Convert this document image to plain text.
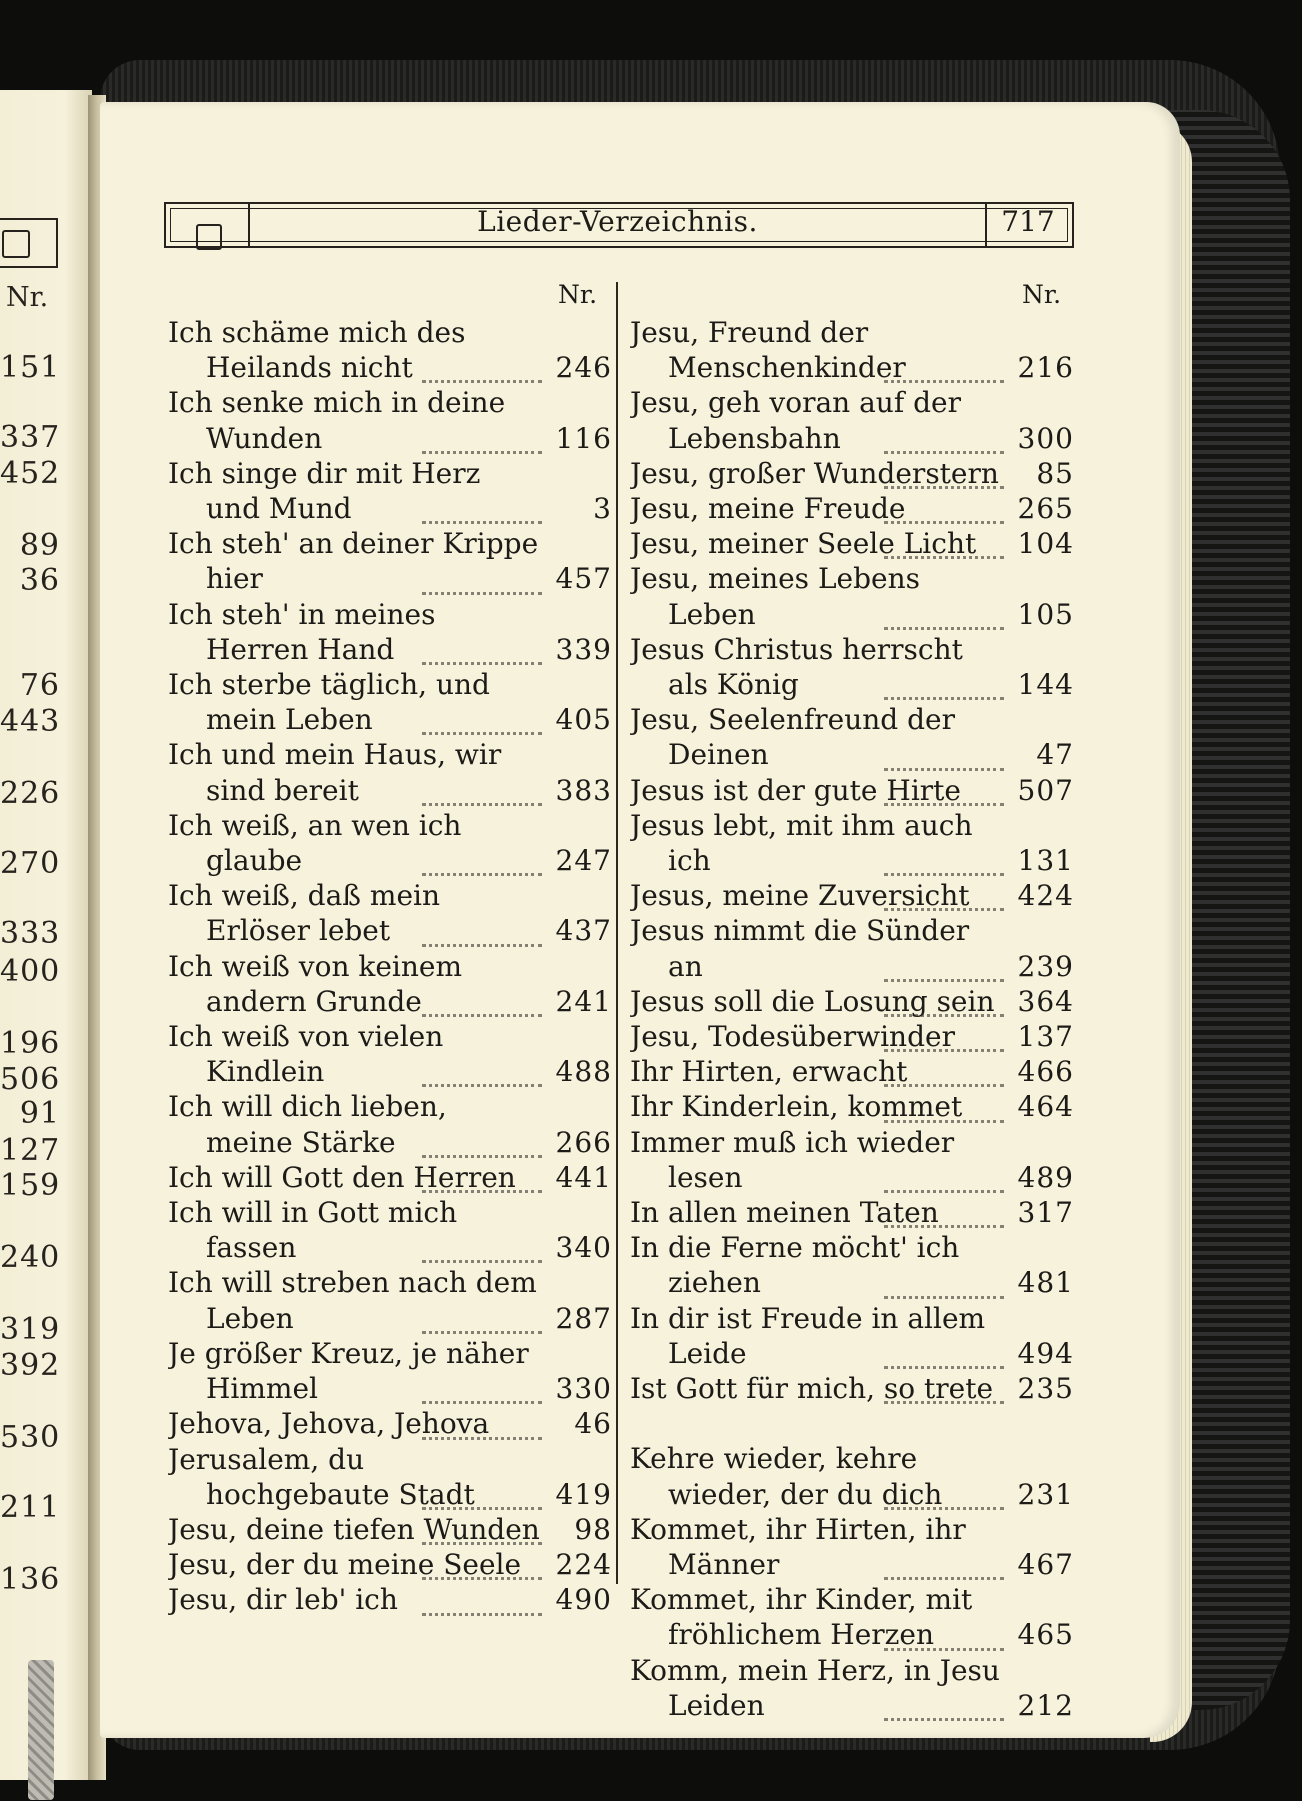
Nr.
151
337
452
89
36
76
443
226
270
333
400
196
506
91
127
159
240
319
392
530
211
136
Lieder-Verzeichnis.	717
Nr.	Nr.
Ich schäme mich des Heilands nicht	246
Ich senke mich in deine Wunden	116
Ich singe dir mit Herz und Mund	3
Ich steh' an deiner Krippe hier	457
Ich steh' in meines Herren Hand	339
Ich sterbe täglich, und mein Leben	405
Ich und mein Haus, wir sind bereit	383
Ich weiß, an wen ich glaube	247
Ich weiß, daß mein Erlöser lebet	437
Ich weiß von keinem andern Grunde	241
Ich weiß von vielen Kindlein	488
Ich will dich lieben, meine Stärke	266
Ich will Gott den Herren	441
Ich will in Gott mich fassen	340
Ich will streben nach dem Leben	287
Je größer Kreuz, je näher Himmel	330
Jehova, Jehova, Jehova	46
Jerusalem, du hochgebaute Stadt	419
Jesu, deine tiefen Wunden	98
Jesu, der du meine Seele	224
Jesu, dir leb' ich	490
Jesu, Freund der Menschenkinder	216
Jesu, geh voran auf der Lebensbahn	300
Jesu, großer Wunderstern	85
Jesu, meine Freude	265
Jesu, meiner Seele Licht	104
Jesu, meines Lebens Leben	105
Jesus Christus herrscht als König	144
Jesu, Seelenfreund der Deinen	47
Jesus ist der gute Hirte	507
Jesus lebt, mit ihm auch ich	131
Jesus, meine Zuversicht	424
Jesus nimmt die Sünder an	239
Jesus soll die Losung sein 364
Jesu, Todesüberwinder	137
Ihr Hirten, erwacht	466
Ihr Kinderlein, kommet	464
Immer muß ich wieder lesen	489
In allen meinen Taten	317
In die Ferne möcht' ich ziehen	481
In dir ist Freude in allem Leide	494
Ist Gott für mich, so trete 235
Kehre wieder, kehre wieder, der du dich	231
Kommet, ihr Hirten, ihr Männer	467
Kommet, ihr Kinder, mit fröhlichem Herzen	465
Komm, mein Herz, in Jesu Leiden	212
